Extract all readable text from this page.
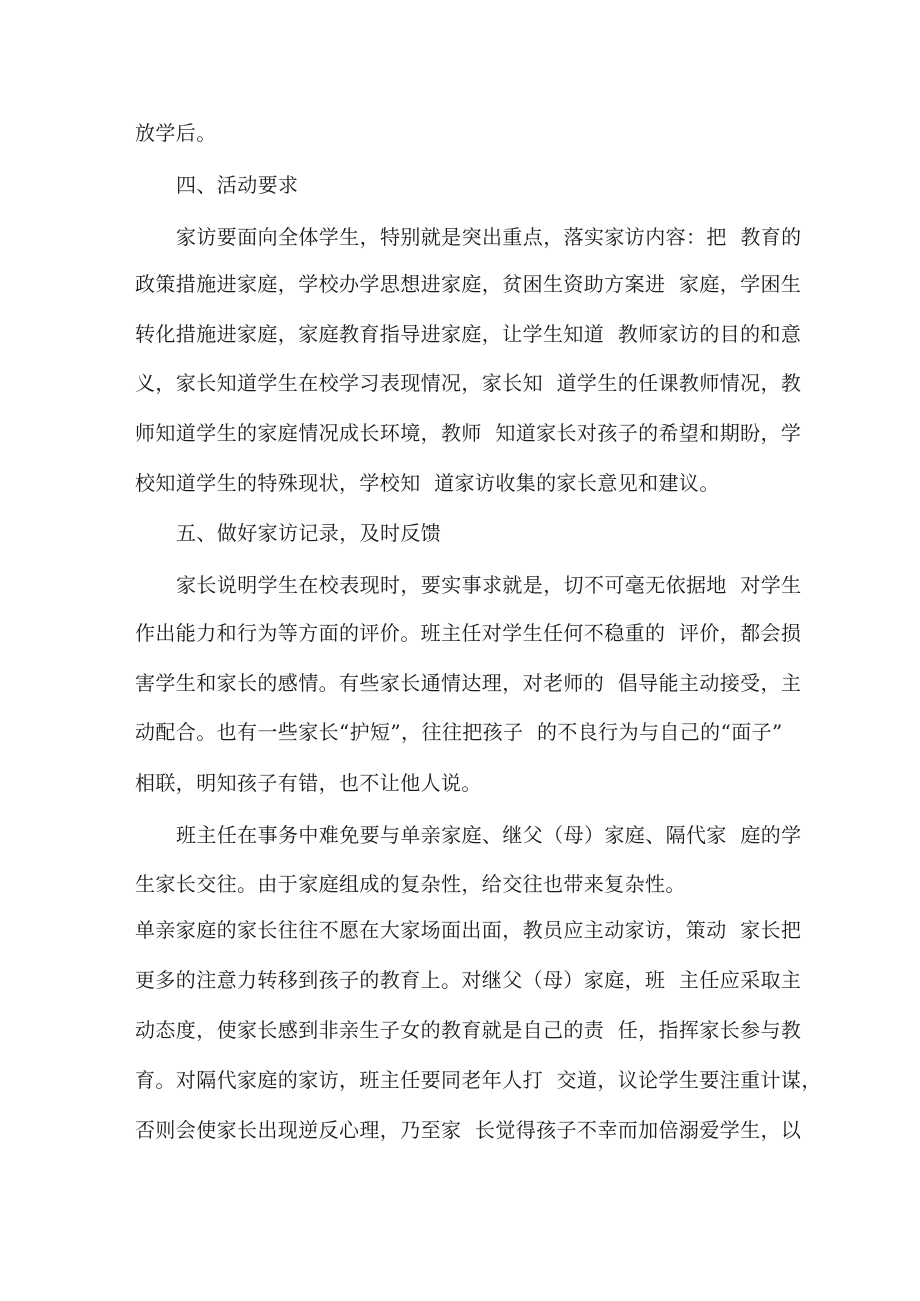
放学后。
四、活动要求
家访要面向全体学生，特别就是突出重点，落实家访内容：把  教育的
政策措施进家庭，学校办学思想进家庭，贫困生资助方案进  家庭，学困生
转化措施进家庭，家庭教育指导进家庭，让学生知道  教师家访的目的和意
义，家长知道学生在校学习表现情况，家长知  道学生的任课教师情况，教
师知道学生的家庭情况成长环境，教师  知道家长对孩子的希望和期盼，学
校知道学生的特殊现状，学校知  道家访收集的家长意见和建议。
五、做好家访记录，及时反馈
家长说明学生在校表现时，要实事求就是，切不可毫无依据地  对学生
作出能力和行为等方面的评价。班主任对学生任何不稳重的  评价，都会损
害学生和家长的感情。有些家长通情达理，对老师的  倡导能主动接受，主
动配合。也有一些家长“护短”，往往把孩子  的不良行为与自己的“面子”
相联，明知孩子有错，也不让他人说。
班主任在事务中难免要与单亲家庭、继父（母）家庭、隔代家  庭的学
生家长交往。由于家庭组成的复杂性，给交往也带来复杂性。
单亲家庭的家长往往不愿在大家场面出面，教员应主动家访，策动  家长把
更多的注意力转移到孩子的教育上。对继父（母）家庭，班  主任应采取主
动态度，使家长感到非亲生子女的教育就是自己的责  任，指挥家长参与教
育。对隔代家庭的家访，班主任要同老年人打  交道，议论学生要注重计谋，
否则会使家长出现逆反心理，乃至家  长觉得孩子不幸而加倍溺爱学生，以
